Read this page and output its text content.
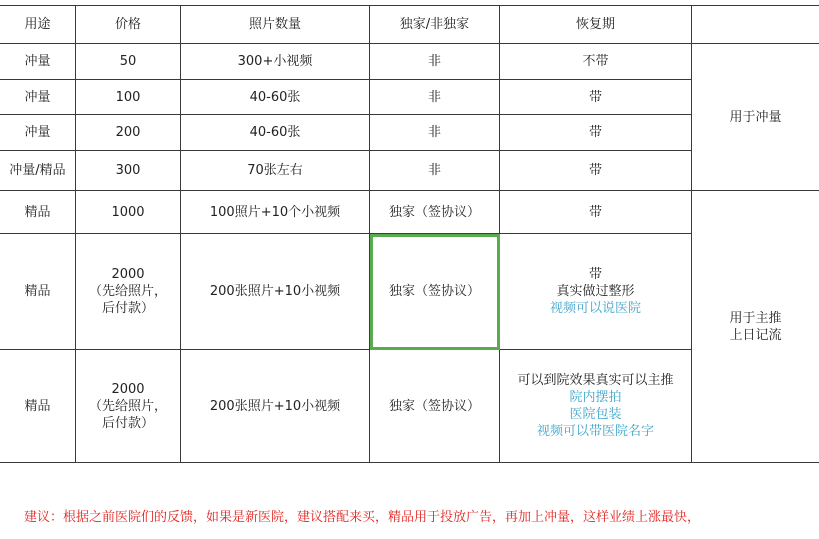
用途	价格	照片数量	独家/非独家	恢复期	
冲量	50	300+小视频	非	不带	用于冲量

冲量	100	40-60张	非	带	

冲量	200	40-60张	非	带	

冲量/精品	300	70张左右	非	带	

精品	1000	100照片+10个小视频	独家（签协议）	带	用于主推
上日记流

精品	2000
（先给照片，
后付款）	200张照片+10小视频	独家（签协议）	带
真实做过整形
视频可以说医院	

精品	2000
（先给照片，
后付款）	200张照片+10小视频	独家（签协议）	可以到院效果真实可以主推
院内摆拍
医院包装
视频可以带医院名字	
建议：根据之前医院们的反馈，如果是新医院，建议搭配来买，精品用于投放广告，再加上冲量，这样业绩上涨最快，
